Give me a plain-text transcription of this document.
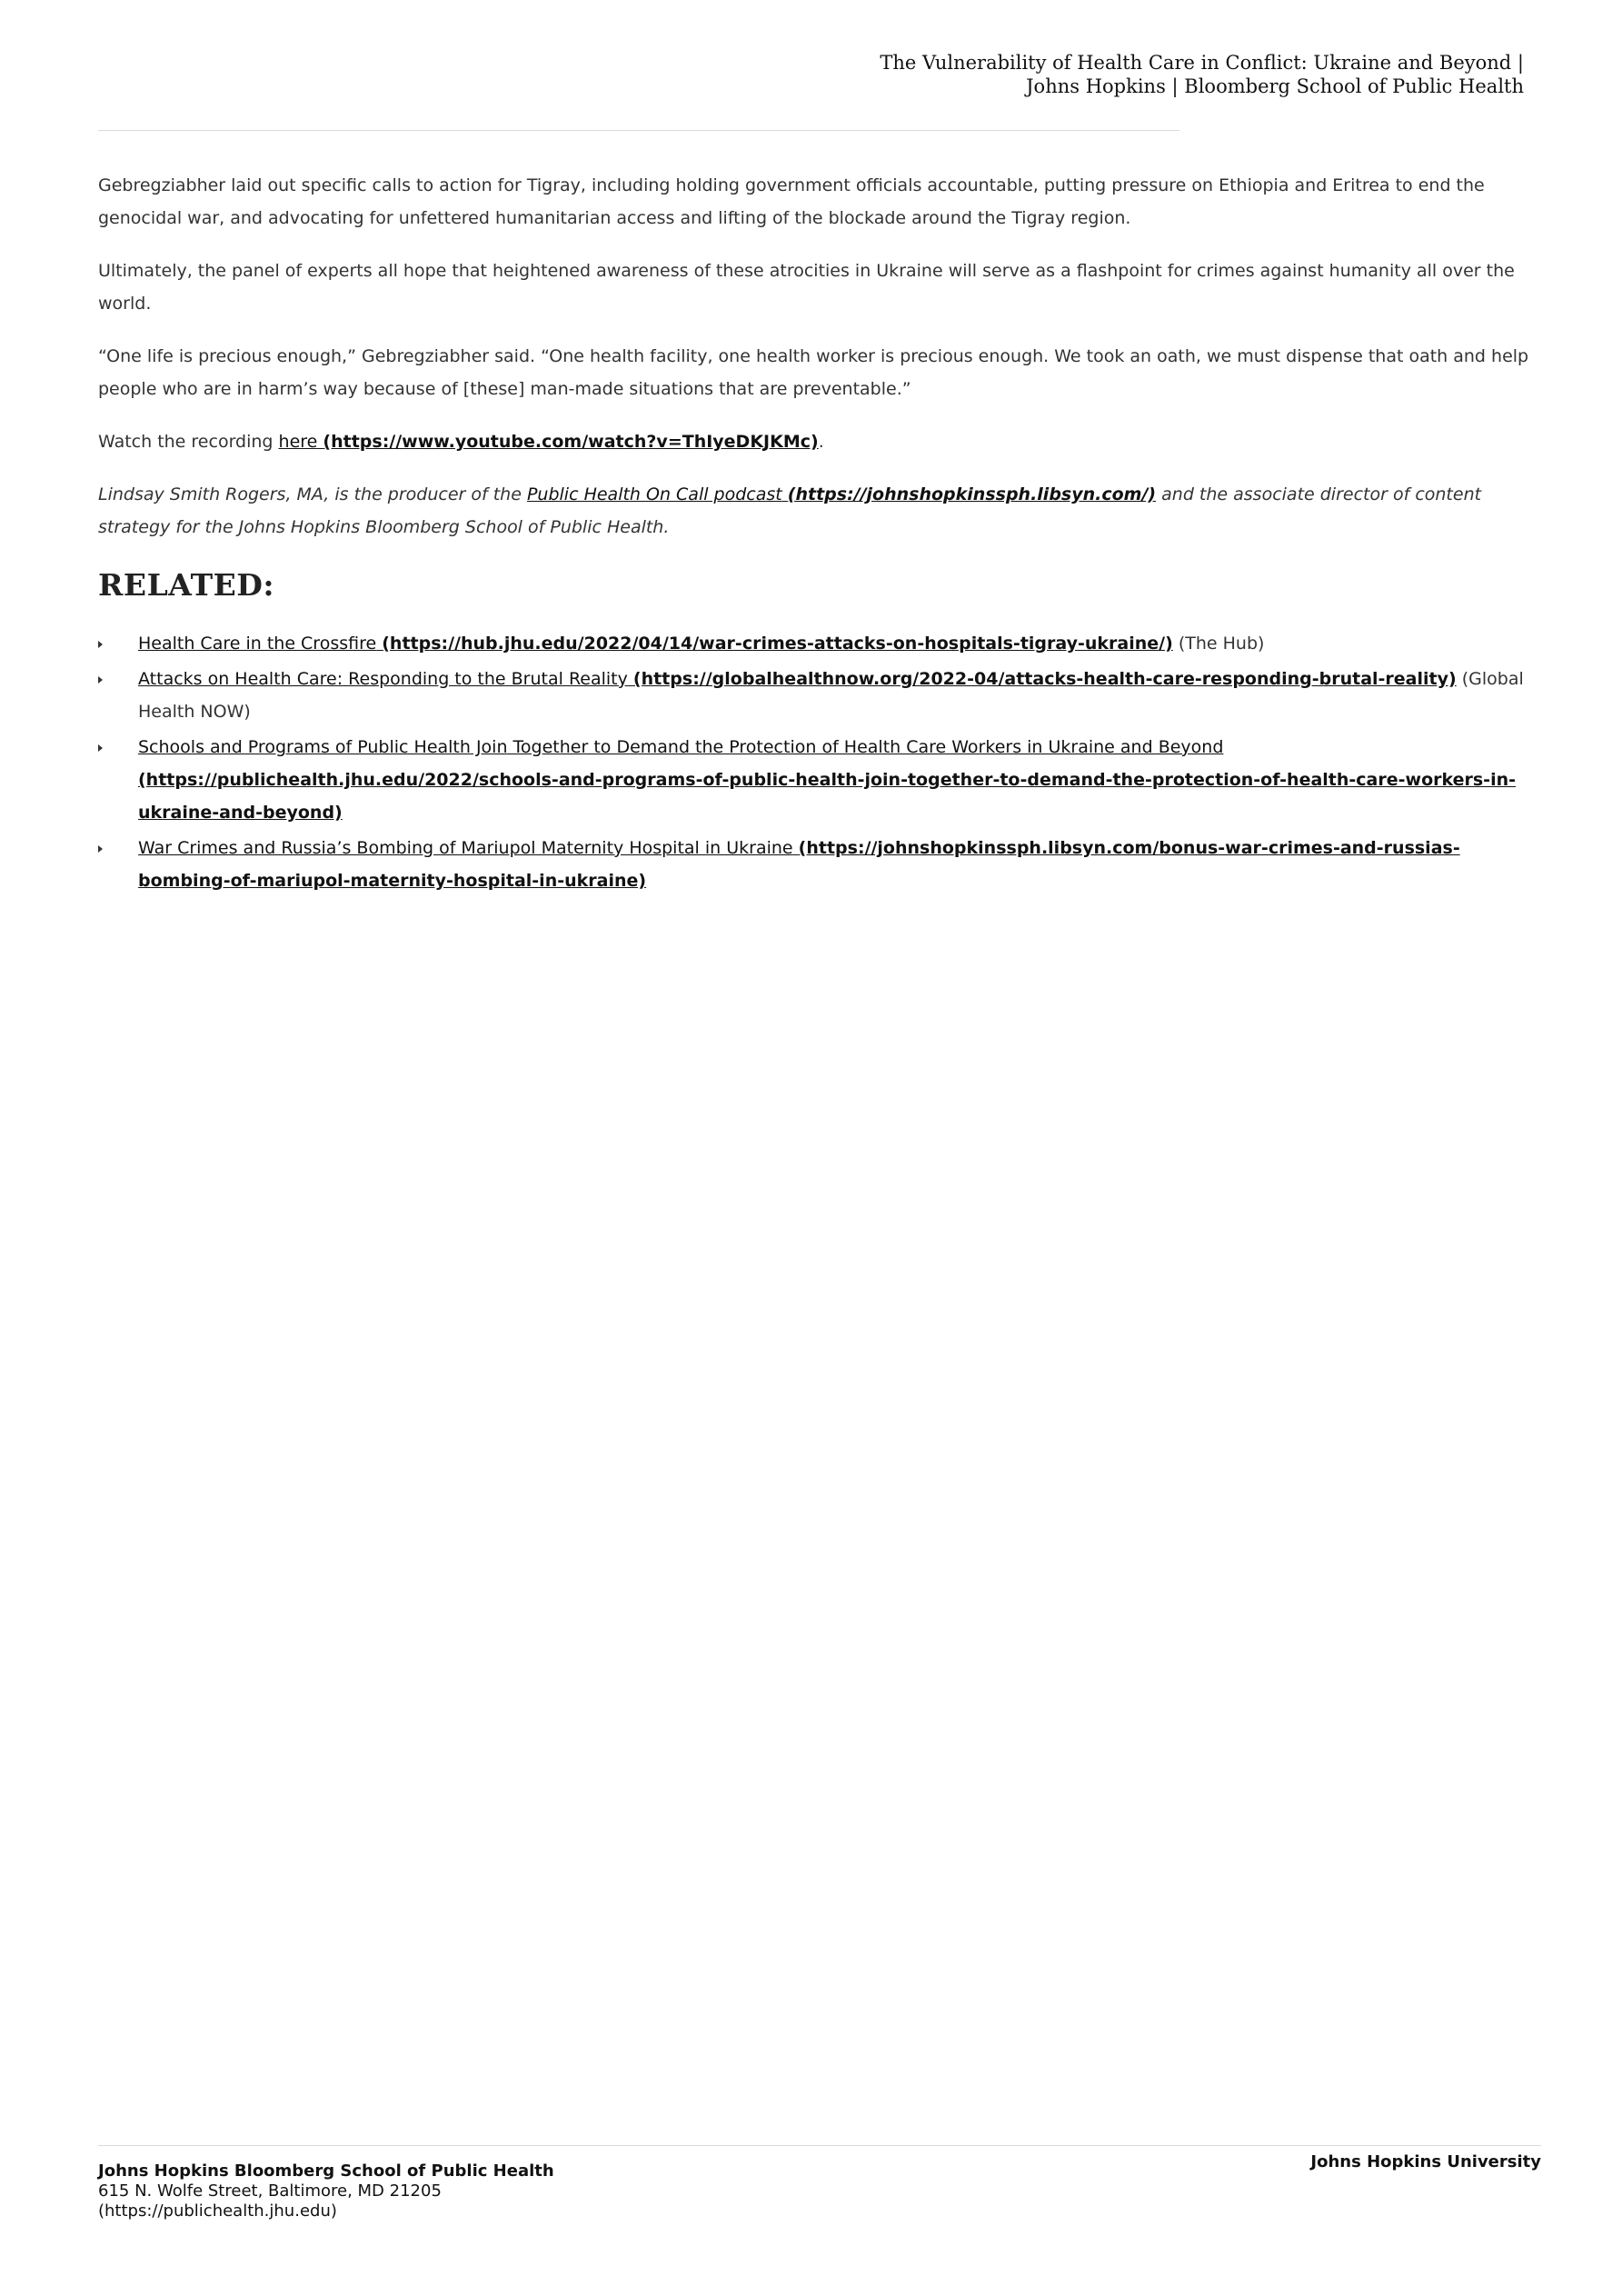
The Vulnerability of Health Care in Conflict: Ukraine and Beyond | Johns Hopkins | Bloomberg School of Public Health

Gebregziabher laid out specific calls to action for Tigray, including holding government officials accountable, putting pressure on Ethiopia and Eritrea to end the genocidal war, and advocating for unfettered humanitarian access and lifting of the blockade around the Tigray region.

Ultimately, the panel of experts all hope that heightened awareness of these atrocities in Ukraine will serve as a flashpoint for crimes against humanity all over the world.

“One life is precious enough,” Gebregziabher said. “One health facility, one health worker is precious enough. We took an oath, we must dispense that oath and help people who are in harm’s way because of [these] man-made situations that are preventable.”

Watch the recording here (https://www.youtube.com/watch?v=ThIyeDKJKMc).

Lindsay Smith Rogers, MA, is the producer of the Public Health On Call podcast (https://johnshopkinssph.libsyn.com/) and the associate director of content strategy for the Johns Hopkins Bloomberg School of Public Health.

RELATED:
Health Care in the Crossfire (https://hub.jhu.edu/2022/04/14/war-crimes-attacks-on-hospitals-tigray-ukraine/) (The Hub)
Attacks on Health Care: Responding to the Brutal Reality (https://globalhealthnow.org/2022-04/attacks-health-care-responding-brutal-reality) (Global Health NOW)
Schools and Programs of Public Health Join Together to Demand the Protection of Health Care Workers in Ukraine and Beyond (https://publichealth.jhu.edu/2022/schools-and-programs-of-public-health-join-together-to-demand-the-protection-of-health-care-workers-in-ukraine-and-beyond)
War Crimes and Russia’s Bombing of Mariupol Maternity Hospital in Ukraine (https://johnshopkinssph.libsyn.com/bonus-war-crimes-and-russias-bombing-of-mariupol-maternity-hospital-in-ukraine)
Johns Hopkins Bloomberg School of Public Health
615 N. Wolfe Street, Baltimore, MD 21205
(https://publichealth.jhu.edu)
Johns Hopkins University
